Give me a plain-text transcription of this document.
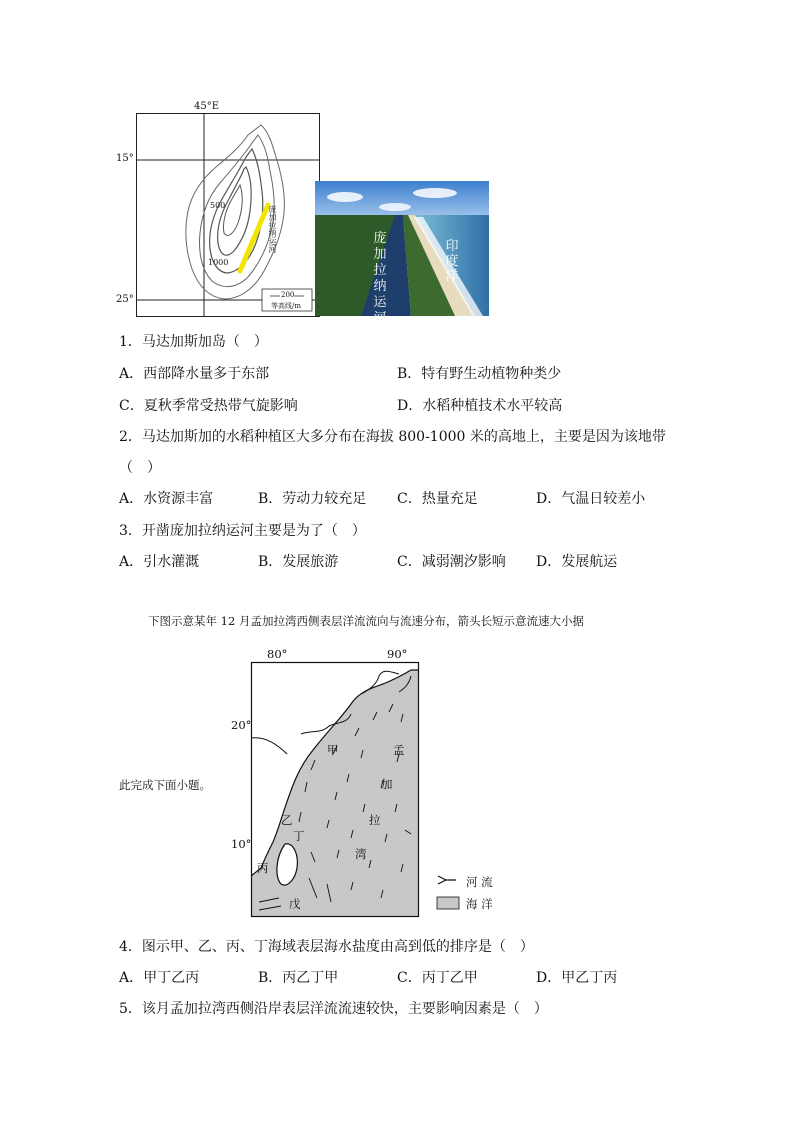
45°E
15°
25°
500
1000
庞加拉纳运河
200
等高线/m
庞
加
拉
纳
运
河
印
度
洋
1．马达加斯加岛（　）
A．西部降水量多于东部	B．特有野生动植物种类少
C．夏秋季常受热带气旋影响	D．水稻种植技术水平较高
2．马达加斯加的水稻种植区大多分布在海拔 800-1000 米的高地上，主要是因为该地带
（　）
A．水资源丰富	B．劳动力较充足 C．热量充足	D．气温日较差小
3．开凿庞加拉纳运河主要是为了（　）
A．引水灌溉	B．发展旅游	C．减弱潮汐影响 D．发展航运
下图示意某年 12 月孟加拉湾西侧表层洋流流向与流速分布，箭头长短示意流速大小据
此完成下面小题。
80°	90°
20°
10°
甲
乙
丙
丁
戊
孟
加
拉
湾
河 流
海 洋
4．图示甲、乙、丙、丁海域表层海水盐度由高到低的排序是（　）
A．甲丁乙丙	B．丙乙丁甲	C．丙丁乙甲	D．甲乙丁丙
5．该月孟加拉湾西侧沿岸表层洋流流速较快，主要影响因素是（　）
